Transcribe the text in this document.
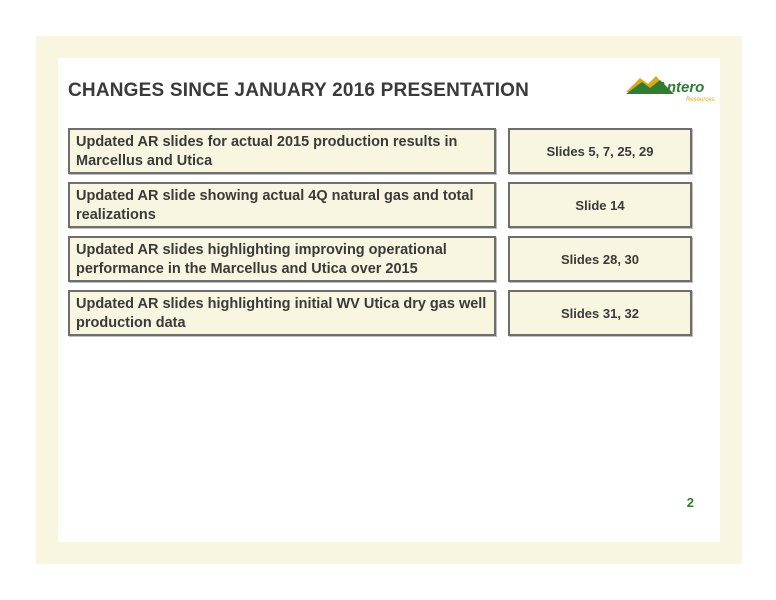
CHANGES SINCE JANUARY 2016 PRESENTATION	Antero
Resources
Updated AR slides for actual 2015 production results in Marcellus and Utica
Slides 5, 7, 25, 29
Updated AR slide showing actual 4Q natural gas and total realizations
Slide 14
Updated AR slides highlighting improving operational performance in the Marcellus and Utica over 2015
Slides 28, 30
Updated AR slides highlighting initial WV Utica dry gas well production data
Slides 31, 32
2
